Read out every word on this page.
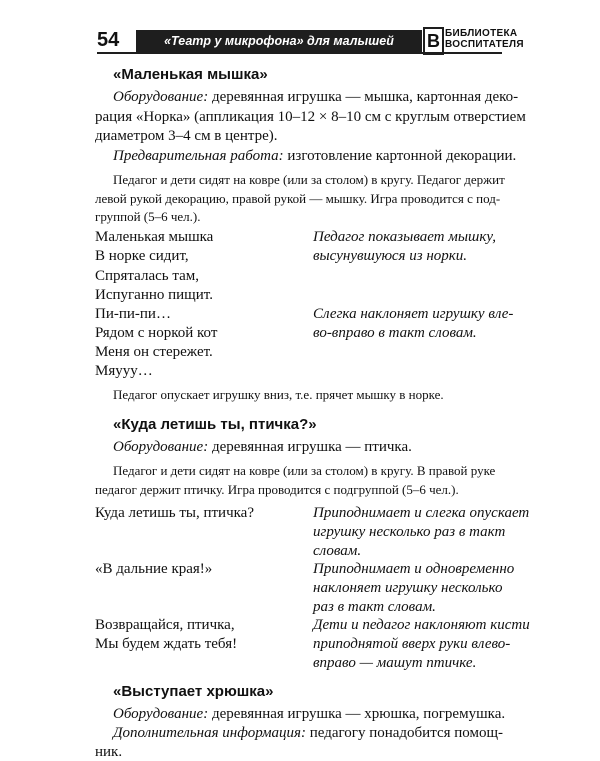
54	«Театр у микрофона» для малышей	В БИБЛИОТЕКА
ВОСПИТАТЕЛЯ
«Маленькая мышка»
Оборудование: деревянная игрушка — мышка, картонная деко-
рация «Норка» (аппликация 10–12 × 8–10 см с круглым отверстием
диаметром 3–4 см в центре).
Предварительная работа: изготовление картонной декорации.
Педагог и дети сидят на ковре (или за столом) в кругу. Педагог держит
левой рукой декорацию, правой рукой — мышку. Игра проводится с под-
группой (5–6 чел.).
Маленькая мышка
В норке сидит,
Спряталась там,
Испуганно пищит.
Пи-пи-пи…
Рядом с норкой кот
Меня он стережет.
Мяууу…
Педагог показывает мышку,
высунувшуюся из норки.
Слегка наклоняет игрушку вле-
во-вправо в такт словам.
Педагог опускает игрушку вниз, т.е. прячет мышку в норке.
«Куда летишь ты, птичка?»
Оборудование: деревянная игрушка — птичка.
Педагог и дети сидят на ковре (или за столом) в кругу. В правой руке
педагог держит птичку. Игра проводится с подгруппой (5–6 чел.).
Куда летишь ты, птичка?
«В дальние края!»
Возвращайся, птичка,
Мы будем ждать тебя!
Приподнимает и слегка опускает
игрушку несколько раз в такт
словам.
Приподнимает и одновременно
наклоняет игрушку несколько
раз в такт словам.
Дети и педагог наклоняют кисти
приподнятой вверх руки влево-
вправо — машут птичке.
«Выступает хрюшка»
Оборудование: деревянная игрушка — хрюшка, погремушка.
Дополнительная информация: педагогу понадобится помощ-
ник.
